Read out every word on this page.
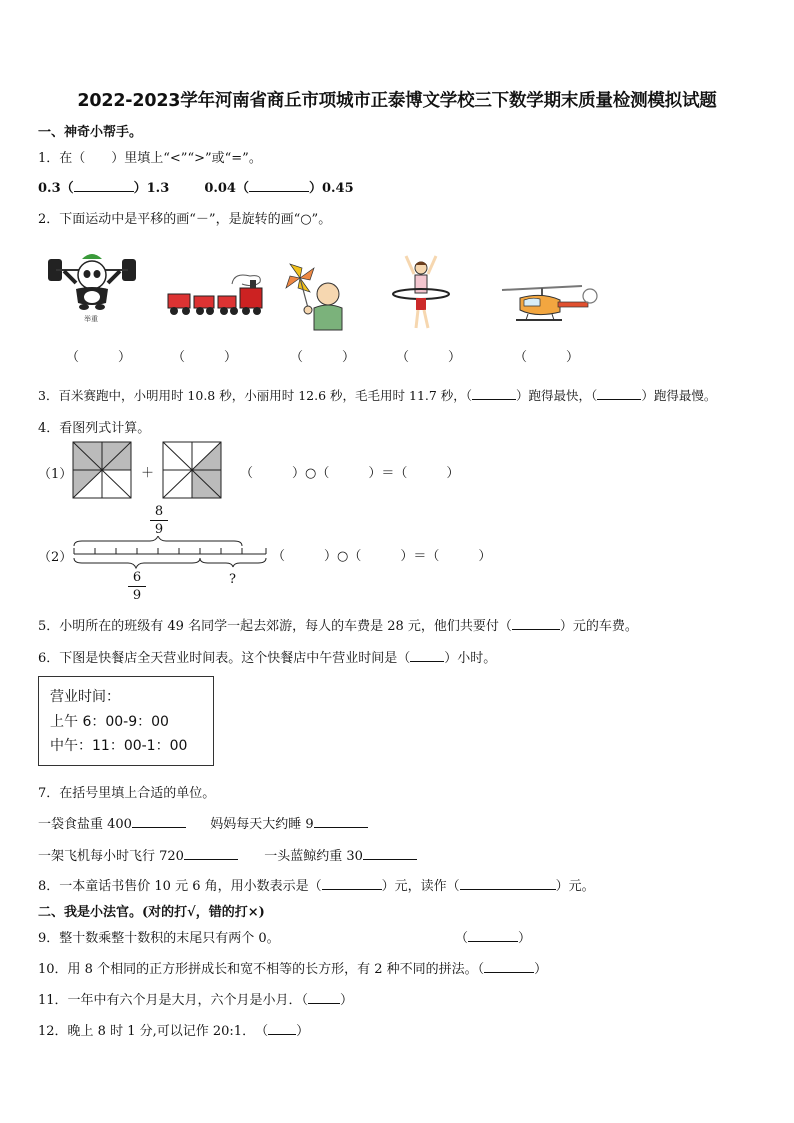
2022-2023学年河南省商丘市项城市正泰博文学校三下数学期末质量检测模拟试题
一、神奇小帮手。
1．在（　　）里填上“<”“>”或“=”。
0.3（	）1.3	0.04（	）0.45
2．下面运动中是平移的画“－”，是旋转的画“○”。
举重
（　　　）	（　　　）	（　　　）	（　　　）	（　　　）
3．百米赛跑中，小明用时 10.8 秒，小丽用时 12.6 秒，毛毛用时 11.7 秒，（	）跑得最快，（	）跑得最慢。
4．看图列式计算。
（1）	＋	（　　　）○（　　　）＝（　　　）
8
9
（2）	（　　　）○（　　　）＝（　　　）
6
9
?
5．小明所在的班级有 49 名同学一起去郊游，每人的车费是 28 元，他们共要付（	）元的车费。
6．下图是快餐店全天营业时间表。这个快餐店中午营业时间是（	）小时。
营业时间：
上午 6：00-9：00
中午：11：00-1：00
7．在括号里填上合适的单位。
一袋食盐重 400	妈妈每天大约睡 9
一架飞机每小时飞行 720	一头蓝鲸约重 30
8．一本童话书售价 10 元 6 角，用小数表示是（	）元，读作（	）元。
二、我是小法官。(对的打√，错的打×)
9．整十数乘整十数积的末尾只有两个 0。	（	）
10．用 8 个相同的正方形拼成长和宽不相等的长方形，有 2 种不同的拼法。（	）
11．一年中有六个月是大月，六个月是小月．（ ）
12．晚上 8 时 1 分,可以记作 20:1．　（ ）
